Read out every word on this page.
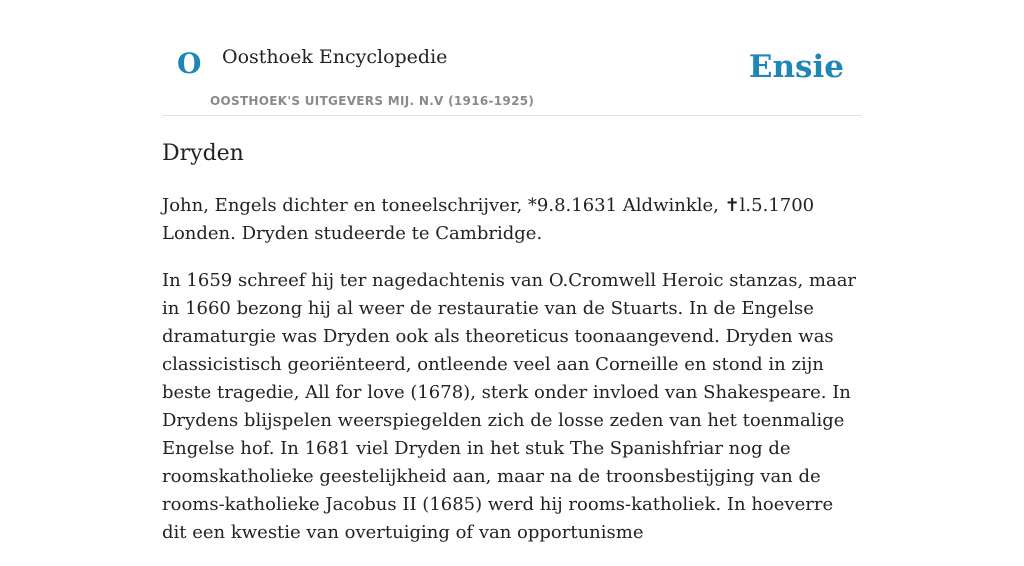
O Oosthoek Encyclopedie
OOSTHOEK'S UITGEVERS MIJ. N.V (1916-1925)
Ensie
Dryden

John, Engels dichter en toneelschrijver, *9.8.1631 Aldwinkle, ✝l.5.1700 Londen. Dryden studeerde te Cambridge.

In 1659 schreef hij ter nagedachtenis van O.Cromwell Heroic stanzas, maar in 1660 bezong hij al weer de restauratie van de Stuarts. In de Engelse dramaturgie was Dryden ook als theoreticus toonaangevend. Dryden was classicistisch georiënteerd, ontleende veel aan Corneille en stond in zijn beste tragedie, All for love (1678), sterk onder invloed van Shakespeare. In Drydens blijspelen weerspiegelden zich de losse zeden van het toenmalige Engelse hof. In 1681 viel Dryden in het stuk The Spanishfriar nog de roomskatholieke geestelijkheid aan, maar na de troonsbestijging van de rooms-katholieke Jacobus II (1685) werd hij rooms-katholiek. In hoeverre dit een kwestie van overtuiging of van opportunisme
